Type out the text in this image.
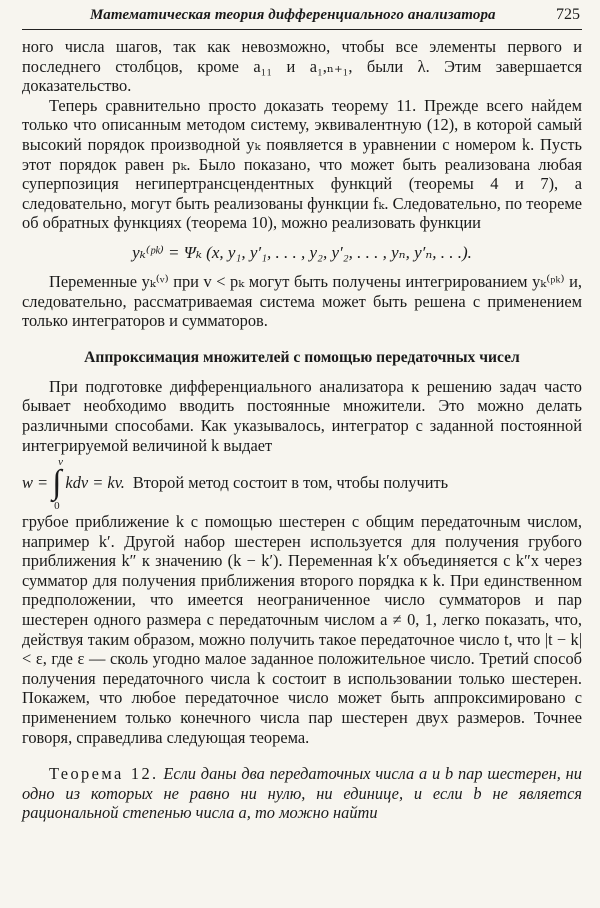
Математическая теория дифференциального анализатора	725

ного числа шагов, так как невозможно, чтобы все элементы первого и последнего столбцов, кроме a₁₁ и a₁,ₙ₊₁, были λ. Этим завершается доказательство.

Теперь сравнительно просто доказать теорему 11. Прежде всего найдем только что описанным методом систему, эквивалентную (12), в которой самый высокий порядок производной yₖ появляется в уравнении с номером k. Пусть этот порядок равен pₖ. Было показано, что может быть реализована любая суперпозиция негипертрансцендентных функций (теоремы 4 и 7), а следовательно, могут быть реализованы функции fₖ. Следовательно, по теореме об обратных функциях (теорема 10), можно реализовать функции

yₖ⁽ᵖᵏ⁾ = Ψₖ (x, y₁, y′₁, . . . , y₂, y′₂, . . . , yₙ, y′ₙ, . . .).

Переменные yₖ⁽ᵛ⁾ при v < pₖ могут быть получены интегрированием yₖ⁽ᵖᵏ⁾ и, следовательно, рассматриваемая система может быть решена с применением только интеграторов и сумматоров.

Аппроксимация множителей с помощью передаточных чисел

При подготовке дифференциального анализатора к решению задач часто бывает необходимо вводить постоянные множители. Это можно делать различными способами. Как указывалось, интегратор с заданной постоянной интегрируемой величиной k выдает

w = ∫
v
0
kdv = kv. Второй метод состоит в том, чтобы получить

грубое приближение k с помощью шестерен с общим передаточным числом, например k′. Другой набор шестерен используется для получения грубого приближения k″ к значению (k − k′). Переменная k′x объединяется с k″x через сумматор для получения приближения второго порядка к k. При единственном предположении, что имеется неограниченное число сумматоров и пар шестерен одного размера с передаточным числом a ≠ 0, 1, легко показать, что, действуя таким образом, можно получить такое передаточное число t, что |t − k| < ε, где ε — сколь угодно малое заданное положительное число. Третий способ получения передаточного числа k состоит в использовании только шестерен. Покажем, что любое передаточное число может быть аппроксимировано с применением только конечного числа пар шестерен двух размеров. Точнее говоря, справедлива следующая теорема.

Теорема 12. Если даны два передаточных числа a и b пар шестерен, ни одно из которых не равно ни нулю, ни единице, и если b не является рациональной степенью числа a, то можно найти
